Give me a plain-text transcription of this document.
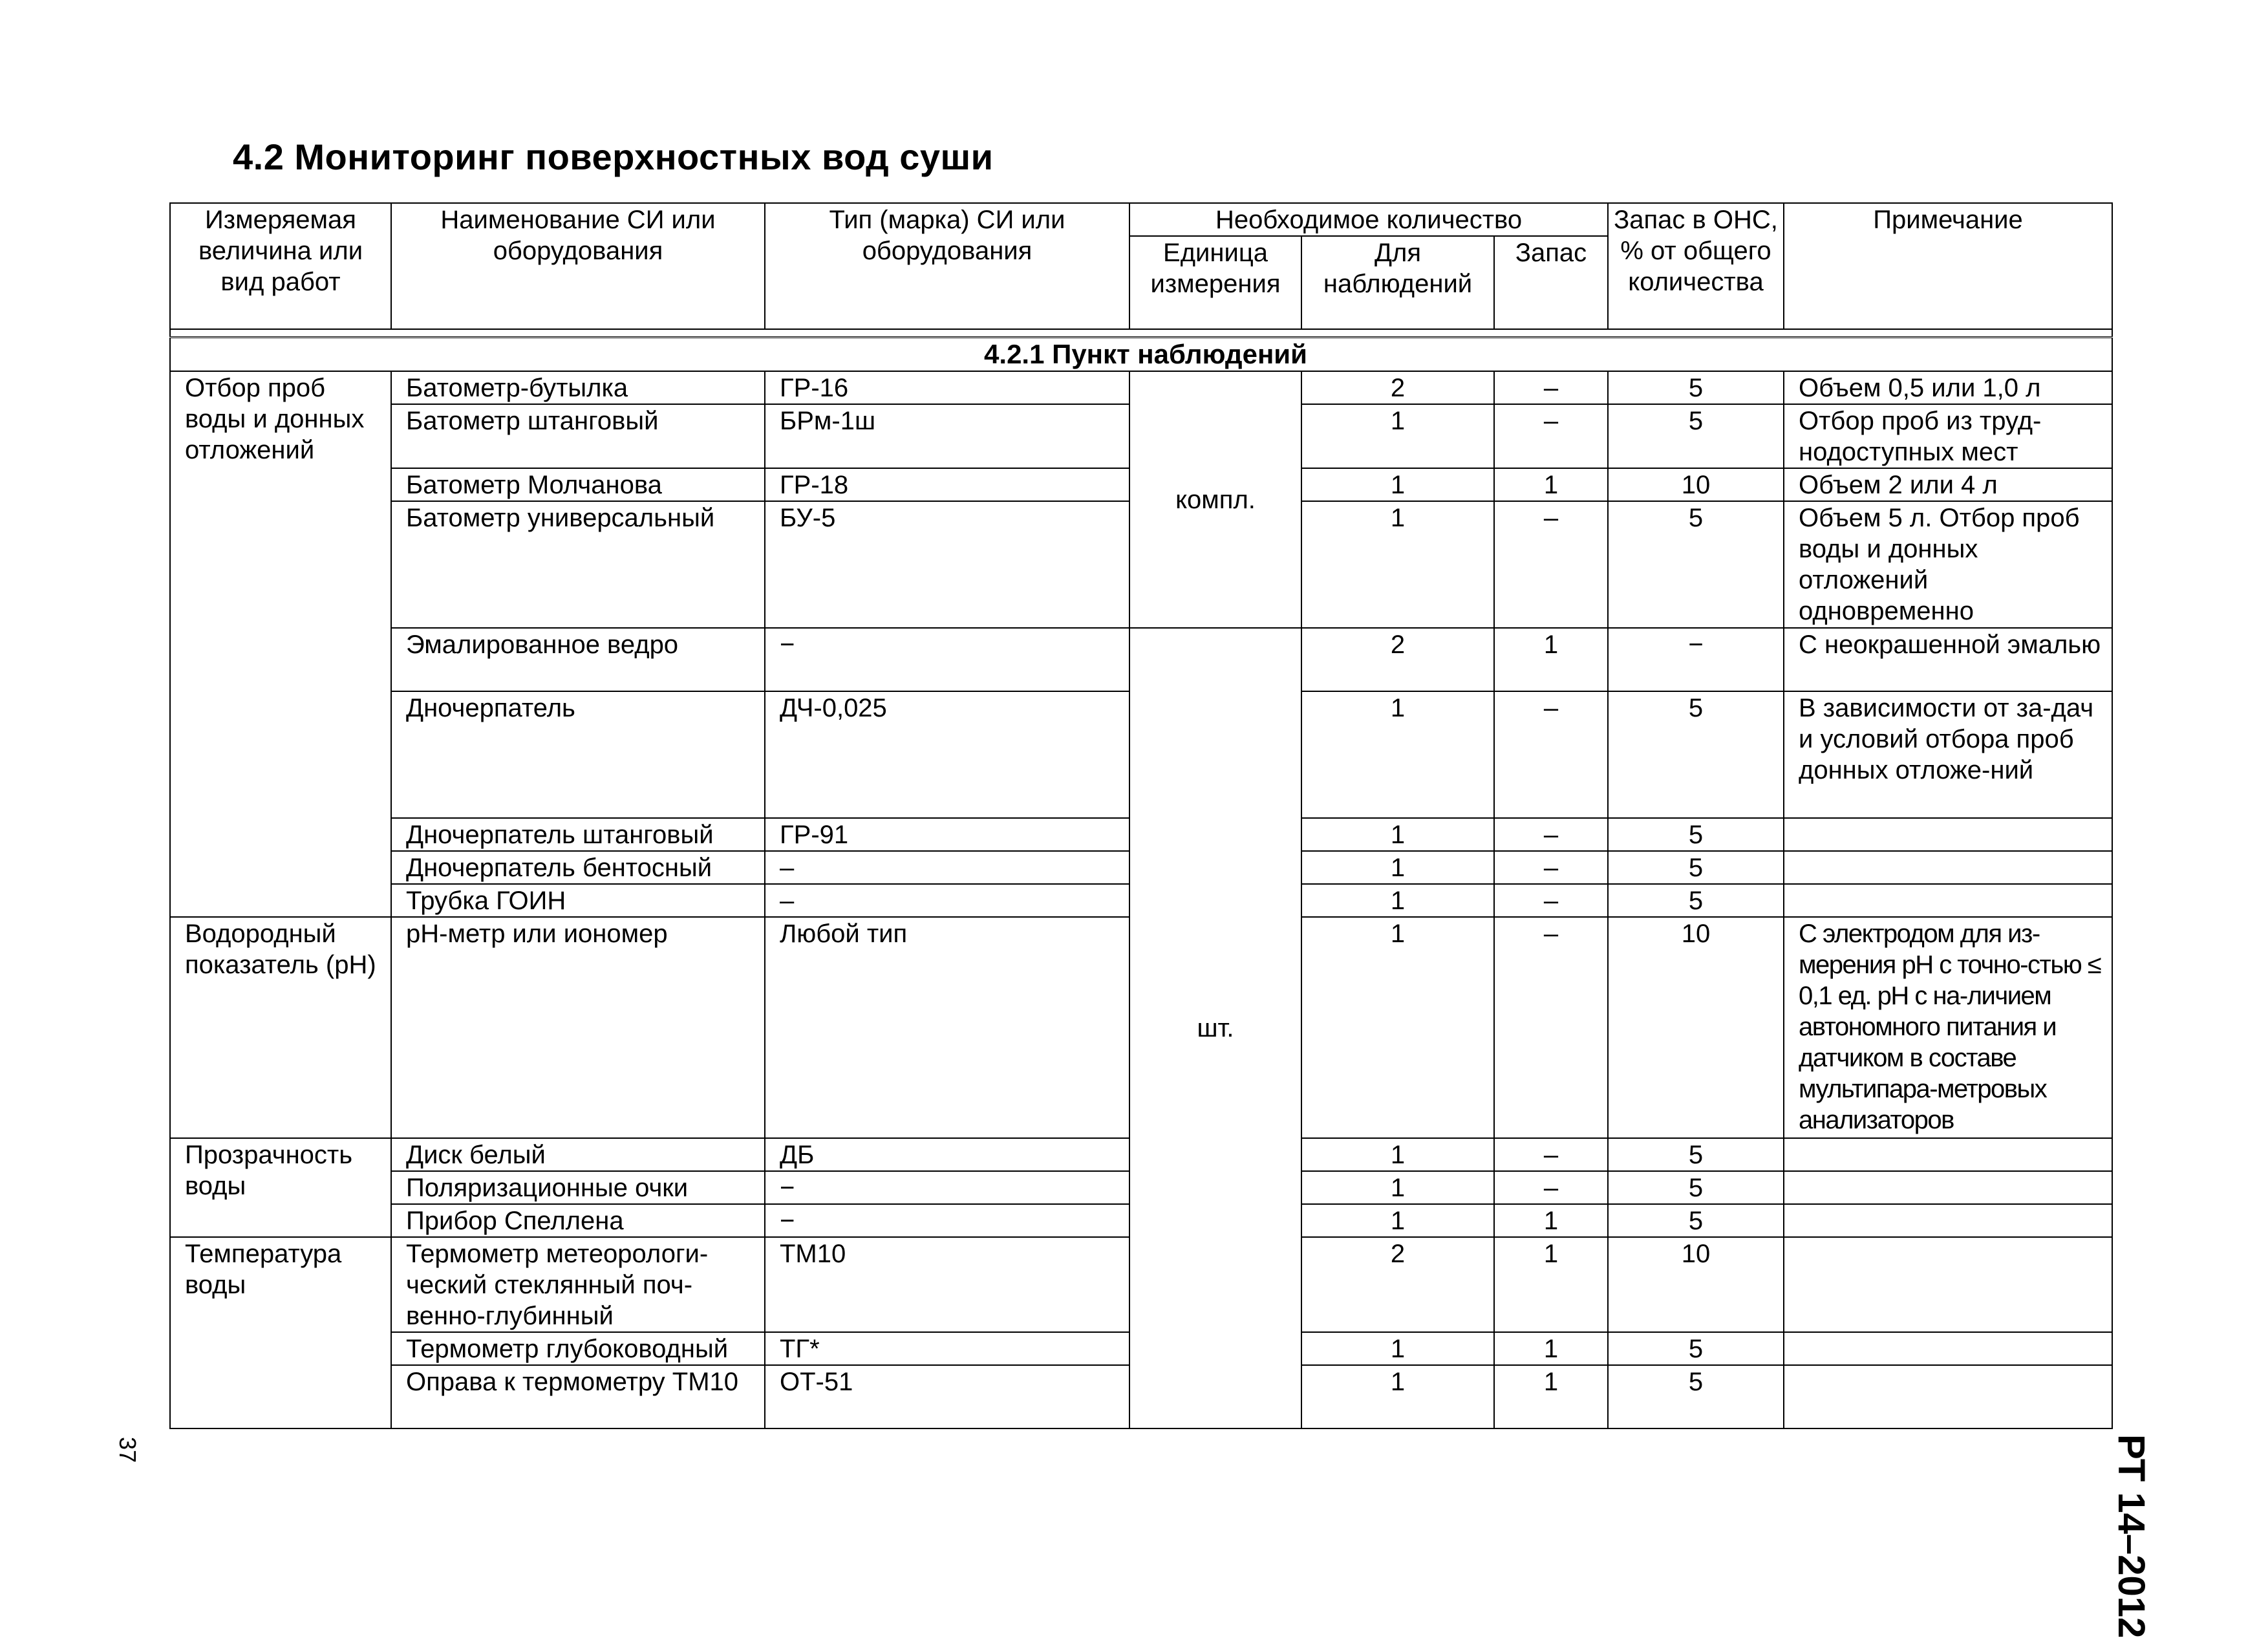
4.2 Мониторинг поверхностных вод суши
Измеряемая величина или вид работ	Наименование СИ или оборудования	Тип (марка) СИ или оборудования	Необходимое количество			Запас в ОНС, % от общего количества	Примечание
			Единица измерения	Для наблюдений	Запас		

4.2.1 Пункт наблюдений							
Отбор проб воды и донных отложений	Батометр-бутылка	ГР-16	компл.	2	–	5	Объем 0,5 или 1,0 л
	Батометр штанговый	БРм-1ш		1	–	5	Отбор проб из труд-нодоступных мест
	Батометр Молчанова	ГР-18		1	1	10	Объем 2 или 4 л
	Батометр универсальный	БУ-5		1	–	5	Объем 5 л. Отбор проб воды и донных отложений одновременно
	Эмалированное ведро	−	шт.	2	1	−	С неокрашенной эмалью
	Дночерпатель	ДЧ-0,025		1	–	5	В зависимости от за-дач и условий отбора проб донных отложе-ний
	Дночерпатель штанговый	ГР-91		1	–	5	
	Дночерпатель бентосный	–		1	–	5	
	Трубка ГОИН	–		1	–	5	
Водородный показатель (pH)	pH-метр или иономер	Любой тип		1	–	10	С электродом для из-мерения pH с точно-стью ≤ 0,1 ед. pH с на-личием автономного питания и датчиком в составе мультипара-метровых анализаторов
Прозрачность воды	Диск белый	ДБ		1	–	5	
	Поляризационные очки	−		1	–	5	
	Прибор Спеллена	−		1	1	5	
Температура воды	Термометр метеорологи-ческий стеклянный поч-венно-глубинный	ТМ10		2	1	10	
	Термометр глубоководный	ТГ*		1	1	5	
	Оправа к термометру ТМ10	ОТ-51		1	1	5	
РТ 14–2012
37
